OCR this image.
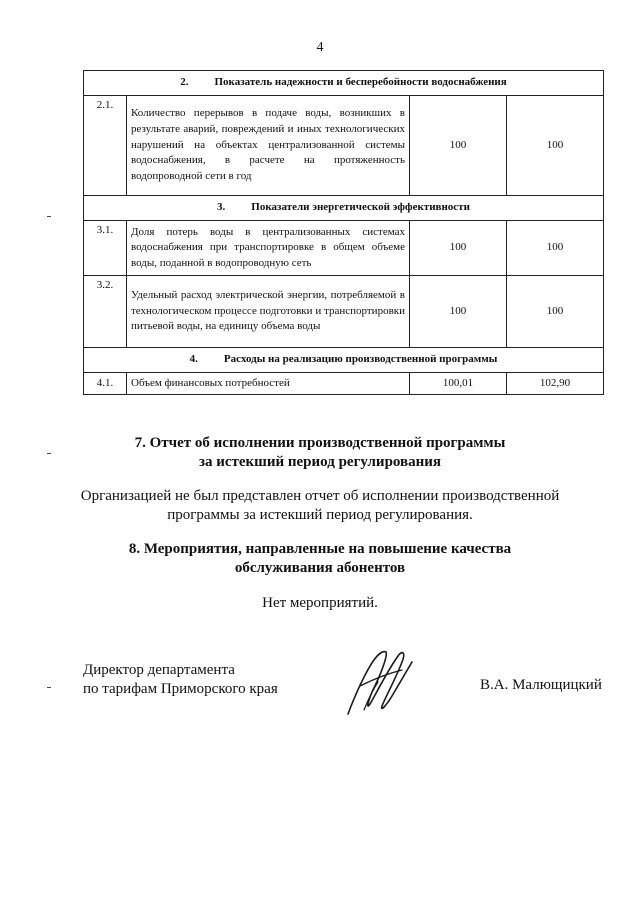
4
2. Показатель надежности и бесперебойности водоснабжения			
2.1.	Количество перерывов в подаче воды, возникших в результате аварий, повреждений и иных технологических нарушений на объектах централизованной системы водоснабжения, в расчете на протяженность водопроводной сети в год	100	100
3. Показатели энергетической эффективности			
3.1.	Доля потерь воды в централизованных системах водоснабжения при транспортировке в общем объеме воды, поданной в водопроводную сеть	100	100
3.2.	Удельный расход электрической энергии, потребляемой в технологическом процессе подготовки и транспортировки питьевой воды, на единицу объема воды	100	100
4. Расходы на реализацию производственной программы			
4.1.	Объем финансовых потребностей	100,01	102,90
7. Отчет об исполнении производственной программы
за истекший период регулирования
Организацией не был представлен отчет об исполнении производственной
программы за истекший период регулирования.
8. Мероприятия, направленные на повышение качества
обслуживания абонентов
Нет мероприятий.
Директор департамента
по тарифам Приморского края	В.А. Малющицкий
